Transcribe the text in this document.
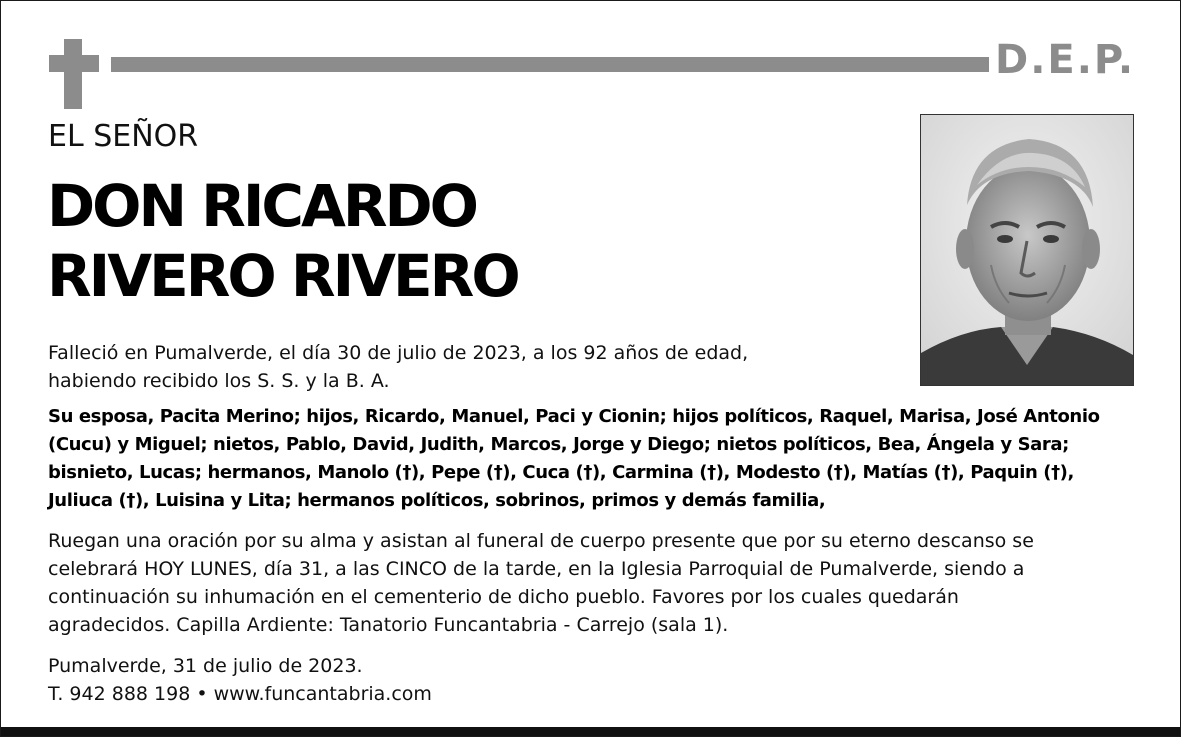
D.E.P.
EL SEÑOR
DON RICARDO
RIVERO RIVERO
Falleció en Pumalverde, el día 30 de julio de 2023, a los 92 años de edad,
habiendo recibido los S. S. y la B. A.
Su esposa, Pacita Merino; hijos, Ricardo, Manuel, Paci y Cionin; hijos políticos, Raquel, Marisa, José Antonio
(Cucu) y Miguel; nietos, Pablo, David, Judith, Marcos, Jorge y Diego; nietos políticos, Bea, Ángela y Sara;
bisnieto, Lucas; hermanos, Manolo (†), Pepe (†), Cuca (†), Carmina (†), Modesto (†), Matías (†), Paquin (†),
Juliuca (†), Luisina y Lita; hermanos políticos, sobrinos, primos y demás familia,
Ruegan una oración por su alma y asistan al funeral de cuerpo presente que por su eterno descanso se
celebrará HOY LUNES, día 31, a las CINCO de la tarde, en la Iglesia Parroquial de Pumalverde, siendo a
continuación su inhumación en el cementerio de dicho pueblo. Favores por los cuales quedarán
agradecidos. Capilla Ardiente: Tanatorio Funcantabria - Carrejo (sala 1).
Pumalverde, 31 de julio de 2023.
T. 942 888 198 • www.funcantabria.com
